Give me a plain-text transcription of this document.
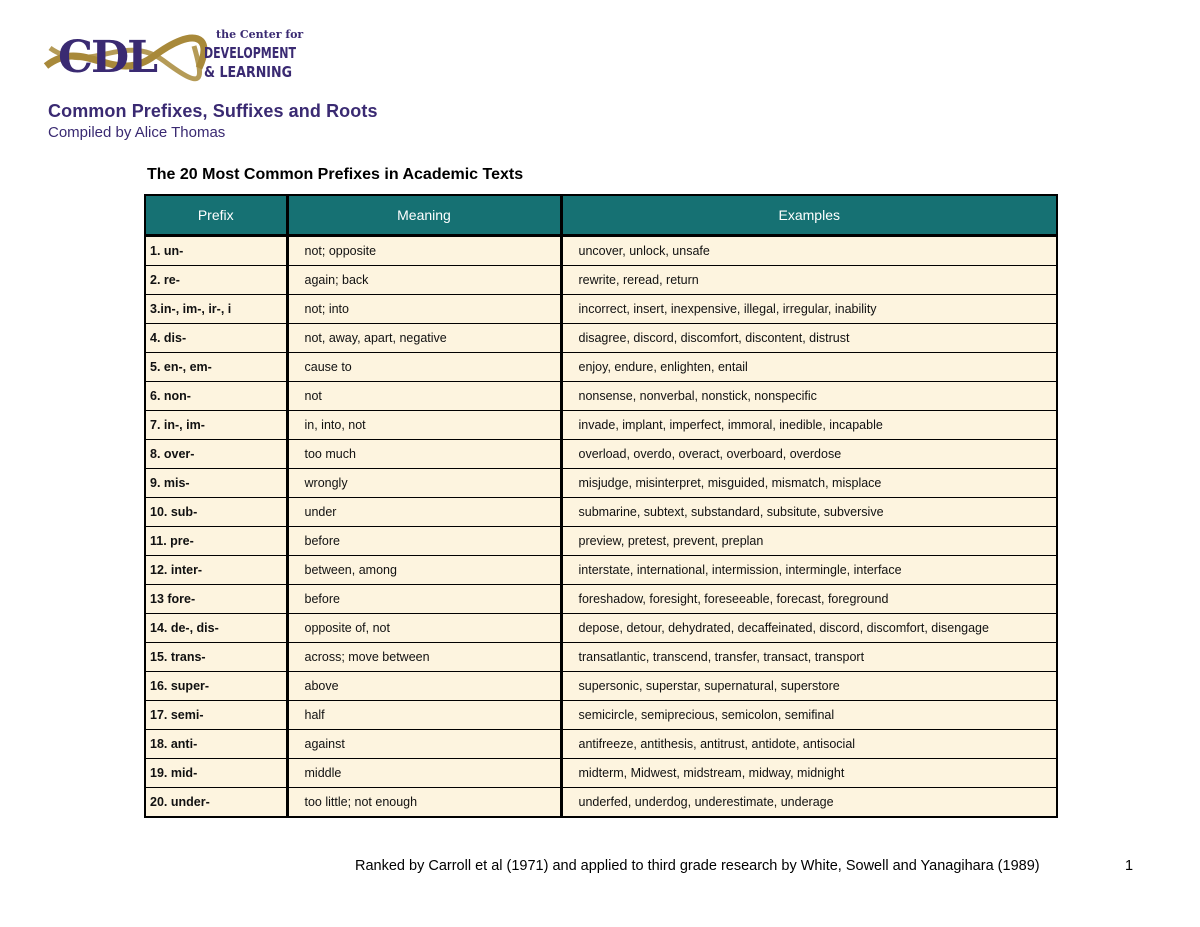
CDL	the Center for
DEVELOPMENT
& LEARNING
Common Prefixes, Suffixes and Roots

Compiled by Alice Thomas

The 20 Most Common Prefixes in Academic Texts
Prefix	Meaning	Examples
1. un-	not; opposite	uncover, unlock, unsafe
2. re-	again; back	rewrite, reread, return
3.in-, im-, ir-, i	not; into	incorrect, insert, inexpensive, illegal, irregular, inability
4. dis-	not, away, apart, negative	disagree, discord, discomfort, discontent, distrust
5. en-, em-	cause to	enjoy, endure, enlighten, entail
6. non-	not	nonsense, nonverbal, nonstick, nonspecific
7. in-, im-	in, into, not	invade, implant, imperfect, immoral, inedible, incapable
8. over-	too much	overload, overdo, overact, overboard, overdose
9. mis-	wrongly	misjudge, misinterpret, misguided, mismatch, misplace
10. sub-	under	submarine, subtext, substandard, subsitute, subversive
11. pre-	before	preview, pretest, prevent, preplan
12. inter-	between, among	interstate, international, intermission, intermingle, interface
13 fore-	before	foreshadow, foresight, foreseeable, forecast, foreground
14. de-, dis-	opposite of, not	depose, detour, dehydrated, decaffeinated, discord, discomfort, disengage
15. trans-	across; move between	transatlantic, transcend, transfer, transact, transport
16. super-	above	supersonic, superstar, supernatural, superstore
17. semi-	half	semicircle, semiprecious, semicolon, semifinal
18. anti-	against	antifreeze, antithesis, antitrust, antidote, antisocial
19. mid-	middle	midterm, Midwest, midstream, midway, midnight
20. under-	too little; not enough	underfed, underdog, underestimate, underage

Ranked by Carroll et al (1971) and applied to third grade research by White, Sowell and Yanagihara (1989)	1
